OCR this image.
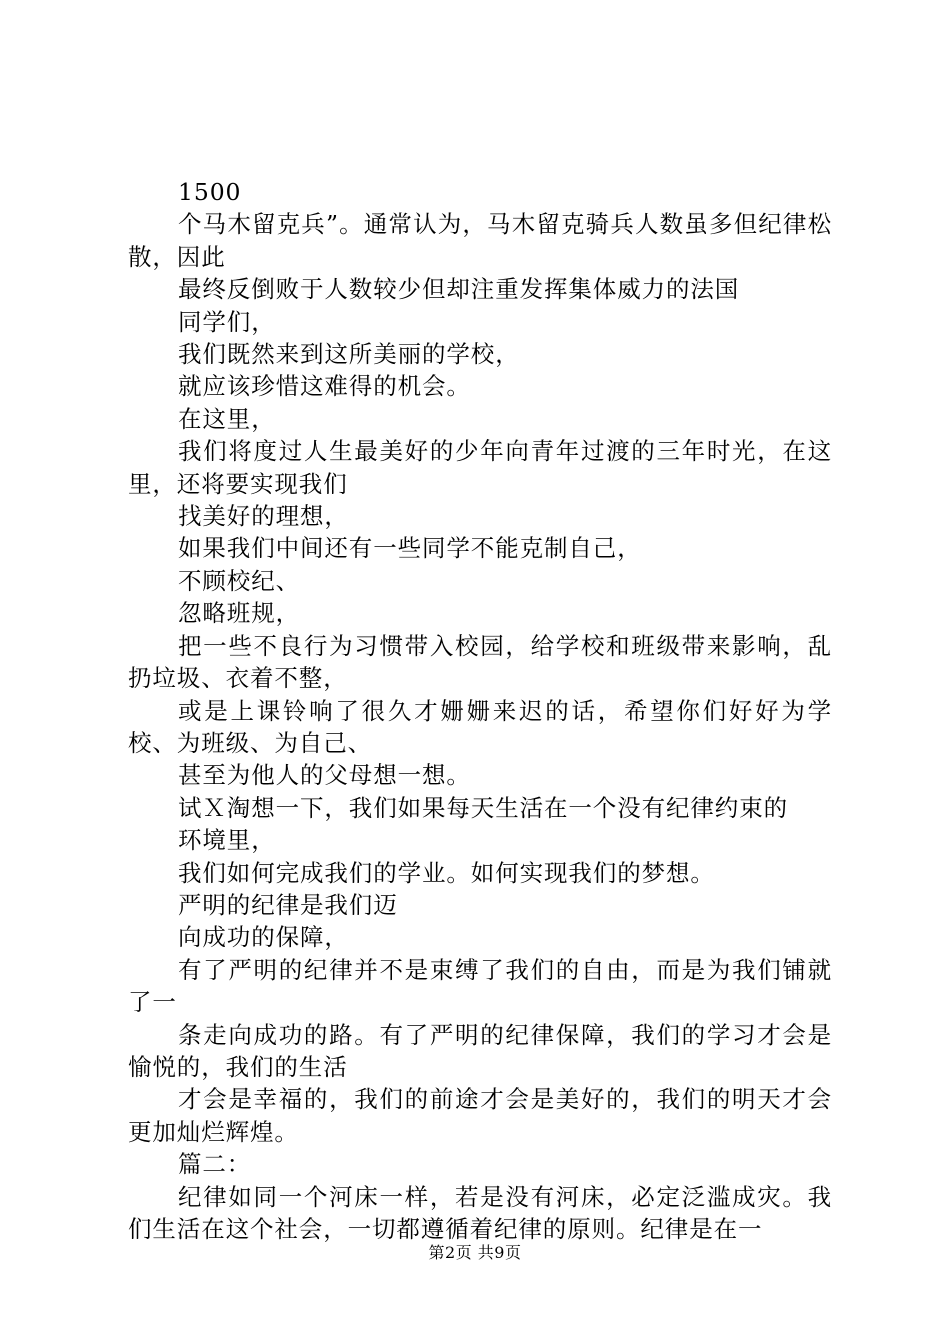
1500

个马木留克兵”。通常认为，马木留克骑兵人数虽多但纪律松散，因此

最终反倒败于人数较少但却注重发挥集体威力的法国

同学们，

我们既然来到这所美丽的学校，

就应该珍惜这难得的机会。

在这里，

我们将度过人生最美好的少年向青年过渡的三年时光，在这里，还将要实现我们

找美好的理想，

如果我们中间还有一些同学不能克制自己，

不顾校纪、

忽略班规，

把一些不良行为习惯带入校园，给学校和班级带来影响，乱扔垃圾、衣着不整，

或是上课铃响了很久才姗姗来迟的话，希望你们好好为学校、为班级、为自己、

甚至为他人的父母想一想。

试Ｘ淘想一下，我们如果每天生活在一个没有纪律约束的

环境里，

我们如何完成我们的学业。如何实现我们的梦想。

严明的纪律是我们迈

向成功的保障，

有了严明的纪律并不是束缚了我们的自由，而是为我们铺就了一

条走向成功的路。有了严明的纪律保障，我们的学习才会是愉悦的，我们的生活

才会是幸福的，我们的前途才会是美好的，我们的明天才会更加灿烂辉煌。

篇二：

纪律如同一个河床一样，若是没有河床，必定泛滥成灾。我们生活在这个社会，一切都遵循着纪律的原则。纪律是在一

第2页 共9页
